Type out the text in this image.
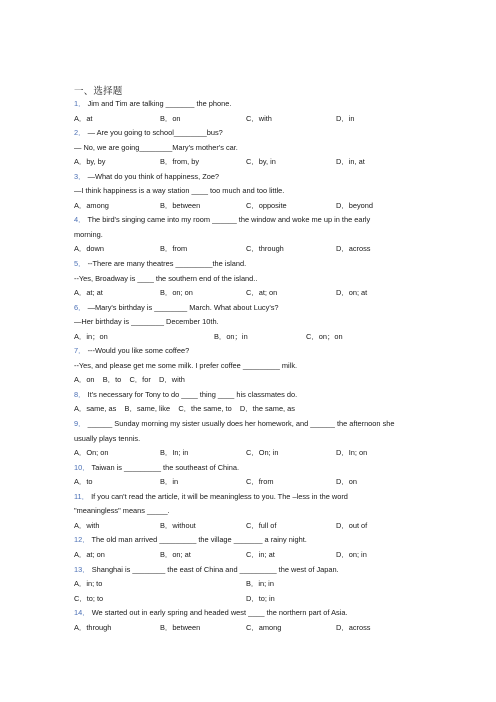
一、选择题
1． Jim and Tim are talking _______ the phone.
A．at	B．on	C．with	D．in
2． — Are you going to school________bus?
— No, we are going________Mary's mother's car.
A．by, by	B．from, by	C．by, in	D．in, at
3． —What do you think of happiness, Zoe?
—I think happiness is a way station ____ too much and too little.
A．among	B．between	C．opposite	D．beyond
4． The bird's singing came into my room ______ the window and woke me up in the early
morning.
A．down	B．from	C．through	D．across
5． --There are many theatres _________the island.
--Yes, Broadway is ____ the southern end of the island..
A．at; at	B．on; on	C．at; on	D．on; at
6． —Mary's birthday is ________ March. What about Lucy's?
—Her birthday is ________ December 10th.
A．in；on	B．on；in	C．on；on
7． ---Would you like some coffee?
--Yes, and please get me some milk. I prefer coffee _________ milk.
A．on    B．to    C．for    D．with
8． It's necessary for Tony to do ____ thing ____ his classmates do.
A．same, as    B．same, like    C．the same, to    D．the same, as
9． ______ Sunday morning my sister usually does her homework, and ______ the afternoon she
usually plays tennis.
A．On; on	B．In; in	C．On; in	D．In; on
10． Taiwan is _________ the southeast of China.
A．to	B．in	C．from	D．on
11． If you can't read the article, it will be meaningless to you. The –less in the word
"meaningless" means _____.
A．with	B．without	C．full of	D．out of
12． The old man arrived _________ the village _______ a rainy night.
A．at; on	B．on; at	C．in; at	D．on; in
13． Shanghai is ________ the east of China and _________ the west of Japan.
A．in; to	B．in; in
C．to; to	D．to; in
14． We started out in early spring and headed west ____ the northern part of Asia.
A．through	B．between	C．among	D．across
